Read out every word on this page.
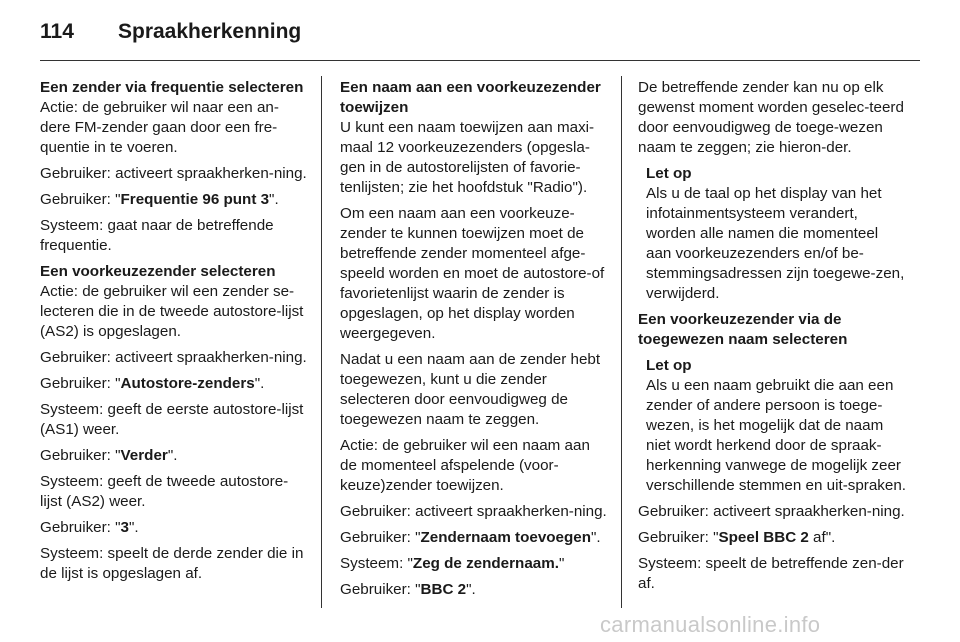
114 Spraakherkenning

Een zender via frequentie selecteren

Actie: de gebruiker wil naar een an-dere FM-zender gaan door een fre-quentie in te voeren.

Gebruiker: activeert spraakherken-ning.

Gebruiker: "Frequentie 96 punt 3".

Systeem: gaat naar de betreffende frequentie.

Een voorkeuzezender selecteren

Actie: de gebruiker wil een zender se-lecteren die in de tweede autostore-lijst (AS2) is opgeslagen.

Gebruiker: activeert spraakherken-ning.

Gebruiker: "Autostore-zenders".

Systeem: geeft de eerste autostore-lijst (AS1) weer.

Gebruiker: "Verder".

Systeem: geeft de tweede autostore-lijst (AS2) weer.

Gebruiker: "3".

Systeem: speelt de derde zender die in de lijst is opgeslagen af.

Een naam aan een voorkeuzezender toewijzen

U kunt een naam toewijzen aan maxi-maal 12 voorkeuzezenders (opgesla-gen in de autostorelijsten of favorie-tenlijsten; zie het hoofdstuk "Radio").

Om een naam aan een voorkeuze-zender te kunnen toewijzen moet de betreffende zender momenteel afge-speeld worden en moet de autostore-of favorietenlijst waarin de zender is opgeslagen, op het display worden weergegeven.

Nadat u een naam aan de zender hebt toegewezen, kunt u die zender selecteren door eenvoudigweg de toegewezen naam te zeggen.

Actie: de gebruiker wil een naam aan de momenteel afspelende (voor-keuze)zender toewijzen.

Gebruiker: activeert spraakherken-ning.

Gebruiker: "Zendernaam toevoegen".

Systeem: "Zeg de zendernaam."

Gebruiker: "BBC 2".

De betreffende zender kan nu op elk gewenst moment worden geselec-teerd door eenvoudigweg de toege-wezen naam te zeggen; zie hieron-der.

Let op

Als u de taal op het display van het infotainmentsysteem verandert, worden alle namen die momenteel aan voorkeuzezenders en/of be-stemmingsadressen zijn toegewe-zen, verwijderd.

Een voorkeuzezender via de toegewezen naam selecteren

Let op

Als u een naam gebruikt die aan een zender of andere persoon is toege-wezen, is het mogelijk dat de naam niet wordt herkend door de spraak-herkenning vanwege de mogelijk zeer verschillende stemmen en uit-spraken.

Gebruiker: activeert spraakherken-ning.

Gebruiker: "Speel BBC 2 af".

Systeem: speelt de betreffende zen-der af.

carmanualsonline.info
